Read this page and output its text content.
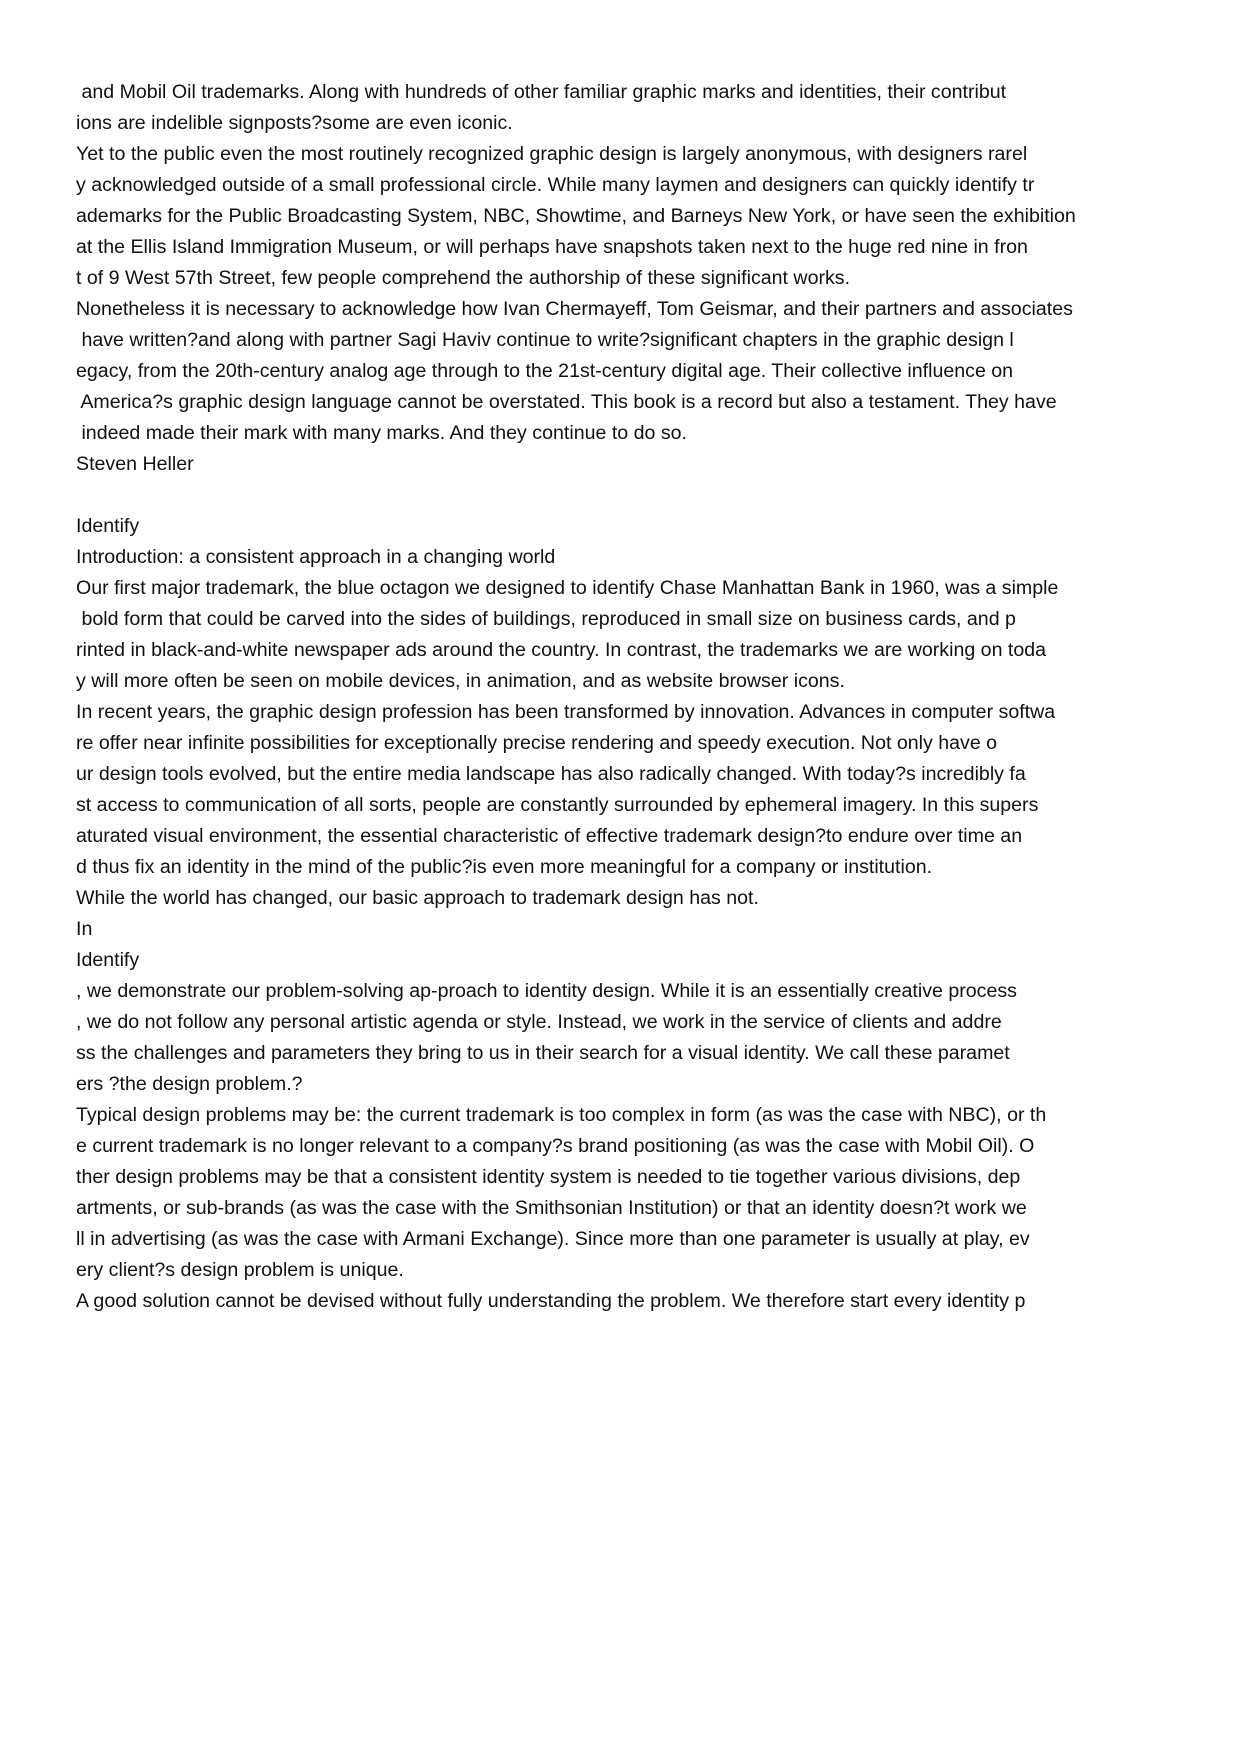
and Mobil Oil trademarks. Along with hundreds of other familiar graphic marks and identities, their contribut
ions are indelible signposts?some are even iconic.
Yet to the public even the most routinely recognized graphic design is largely anonymous, with designers rarel
y acknowledged outside of a small professional circle. While many laymen and designers can quickly identify tr
ademarks for the Public Broadcasting System, NBC, Showtime, and Barneys New York, or have seen the exhibition
at the Ellis Island Immigration Museum, or will perhaps have snapshots taken next to the huge red nine in fron
t of 9 West 57th Street, few people comprehend the authorship of these significant works.
Nonetheless it is necessary to acknowledge how Ivan Chermayeff, Tom Geismar, and their partners and associates
have written?and along with partner Sagi Haviv continue to write?significant chapters in the graphic design l
egacy, from the 20th-century analog age through to the 21st-century digital age. Their collective influence on
America?s graphic design language cannot be overstated. This book is a record but also a testament. They have
indeed made their mark with many marks. And they continue to do so.
Steven Heller
Identify
Introduction: a consistent approach in a changing world
Our first major trademark, the blue octagon we designed to identify Chase Manhattan Bank in 1960, was a simple
bold form that could be carved into the sides of buildings, reproduced in small size on business cards, and p
rinted in black-and-white newspaper ads around the country. In contrast, the trademarks we are working on toda
y will more often be seen on mobile devices, in animation, and as website browser icons.
In recent years, the graphic design profession has been transformed by innovation. Advances in computer softwa
re offer near infinite possibilities for exceptionally precise rendering and speedy execution. Not only have o
ur design tools evolved, but the entire media landscape has also radically changed. With today?s incredibly fa
st access to communication of all sorts, people are constantly surrounded by ephemeral imagery. In this supers
aturated visual environment, the essential characteristic of effective trademark design?to endure over time an
d thus fix an identity in the mind of the public?is even more meaningful for a company or institution.
While the world has changed, our basic approach to trademark design has not.
In
Identify
, we demonstrate our problem-solving ap-proach to identity design. While it is an essentially creative process
, we do not follow any personal artistic agenda or style. Instead, we work in the service of clients and addre
ss the challenges and parameters they bring to us in their search for a visual identity. We call these paramet
ers ?the design problem.?
Typical design problems may be: the current trademark is too complex in form (as was the case with NBC), or th
e current trademark is no longer relevant to a company?s brand positioning (as was the case with Mobil Oil). O
ther design problems may be that a consistent identity system is needed to tie together various divisions, dep
artments, or sub-brands (as was the case with the Smithsonian Institution) or that an identity doesn?t work we
ll in advertising (as was the case with Armani Exchange). Since more than one parameter is usually at play, ev
ery client?s design problem is unique.
A good solution cannot be devised without fully understanding the problem. We therefore start every identity p
